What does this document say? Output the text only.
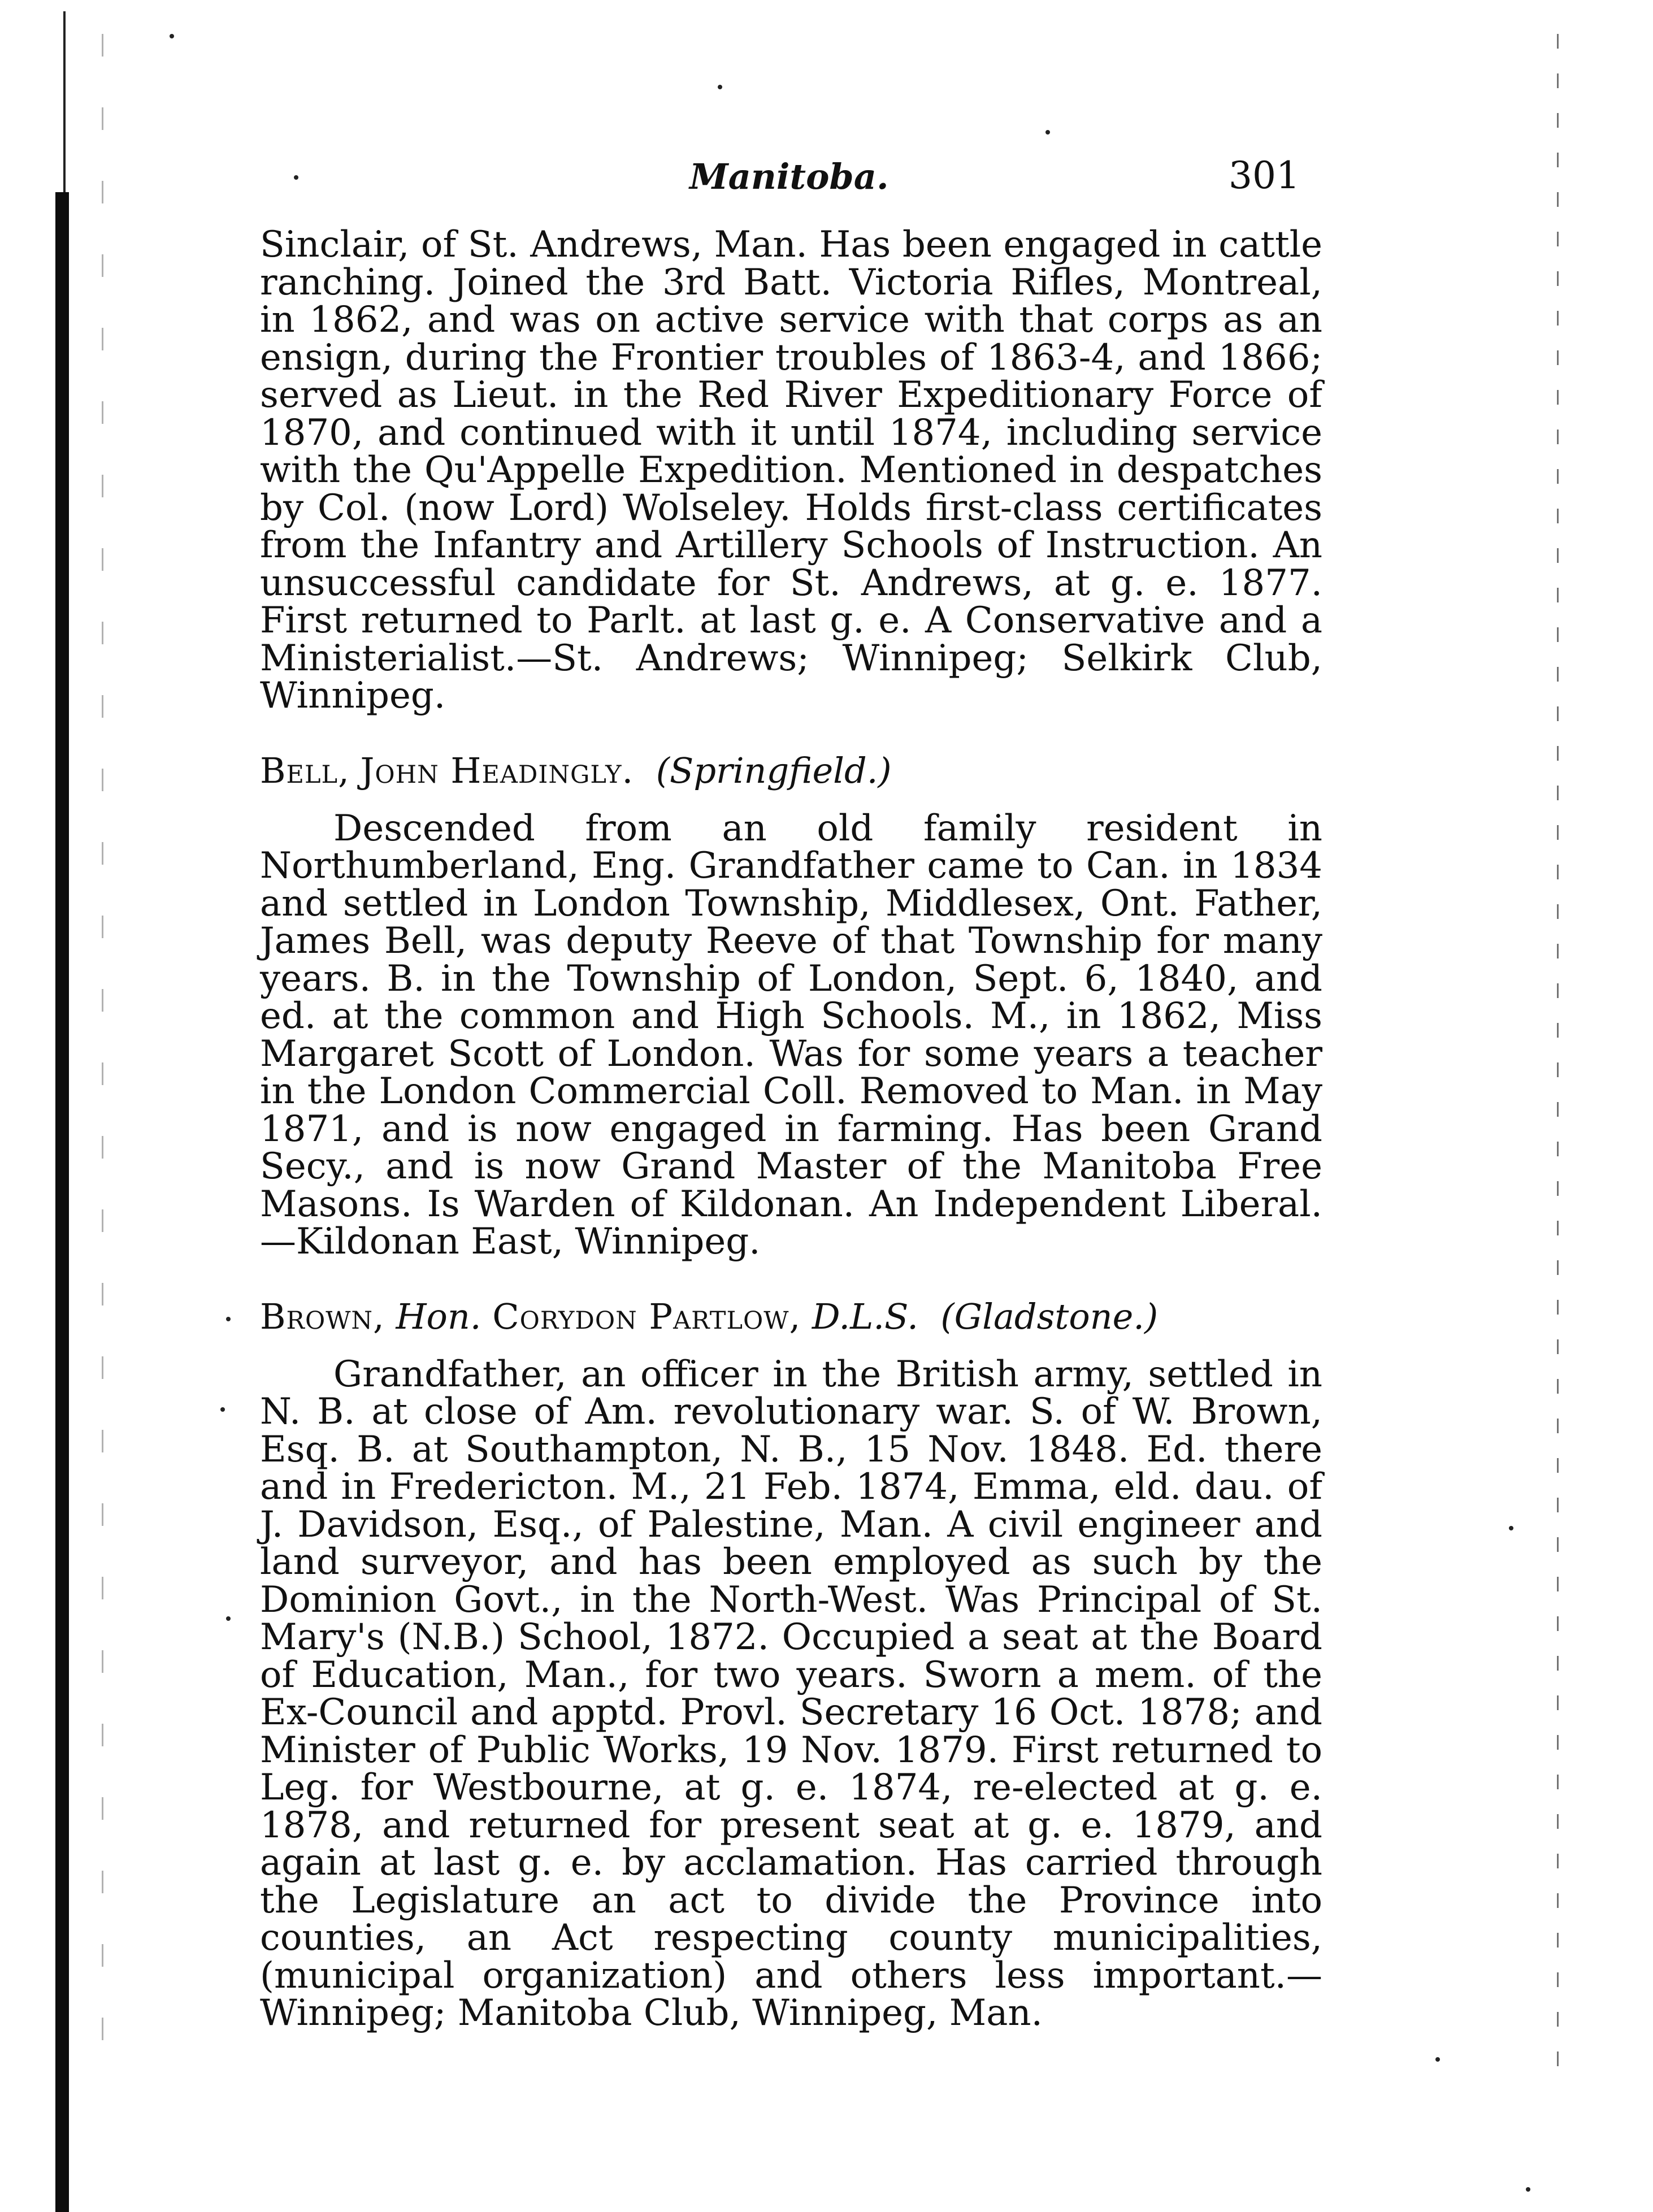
Manitoba.	301

Sinclair, of St. Andrews, Man. Has been engaged in cattle ranching. Joined the 3rd Batt. Victoria Rifles, Montreal, in 1862, and was on active service with that corps as an ensign, during the Frontier troubles of 1863-4, and 1866; served as Lieut. in the Red River Expeditionary Force of 1870, and continued with it until 1874, including service with the Qu'Appelle Expedition. Mentioned in despatches by Col. (now Lord) Wolseley. Holds first-class certificates from the Infantry and Artillery Schools of Instruction. An unsuccessful candidate for St. Andrews, at g. e. 1877. First returned to Parlt. at last g. e. A Conservative and a Ministerialist.—St. Andrews; Winnipeg; Selkirk Club, Winnipeg.

Bell, John Headingly. (Springfield.)

Descended from an old family resident in Northumberland, Eng. Grandfather came to Can. in 1834 and settled in London Township, Middlesex, Ont. Father, James Bell, was deputy Reeve of that Township for many years. B. in the Township of London, Sept. 6, 1840, and ed. at the common and High Schools. M., in 1862, Miss Margaret Scott of London. Was for some years a teacher in the London Commercial Coll. Removed to Man. in May 1871, and is now engaged in farming. Has been Grand Secy., and is now Grand Master of the Manitoba Free Masons. Is Warden of Kildonan. An Independent Liberal.—Kildonan East, Winnipeg.

Brown, Hon. Corydon Partlow, D.L.S. (Gladstone.)

Grandfather, an officer in the British army, settled in N. B. at close of Am. revolutionary war. S. of W. Brown, Esq. B. at Southampton, N. B., 15 Nov. 1848. Ed. there and in Fredericton. M., 21 Feb. 1874, Emma, eld. dau. of J. Davidson, Esq., of Palestine, Man. A civil engineer and land surveyor, and has been employed as such by the Dominion Govt., in the North-West. Was Principal of St. Mary's (N.B.) School, 1872. Occupied a seat at the Board of Education, Man., for two years. Sworn a mem. of the Ex-Council and apptd. Provl. Secretary 16 Oct. 1878; and Minister of Public Works, 19 Nov. 1879. First returned to Leg. for Westbourne, at g. e. 1874, re-elected at g. e. 1878, and returned for present seat at g. e. 1879, and again at last g. e. by acclamation. Has carried through the Legislature an act to divide the Province into counties, an Act respecting county municipalities, (municipal organization) and others less important.—Winnipeg; Manitoba Club, Winnipeg, Man.
